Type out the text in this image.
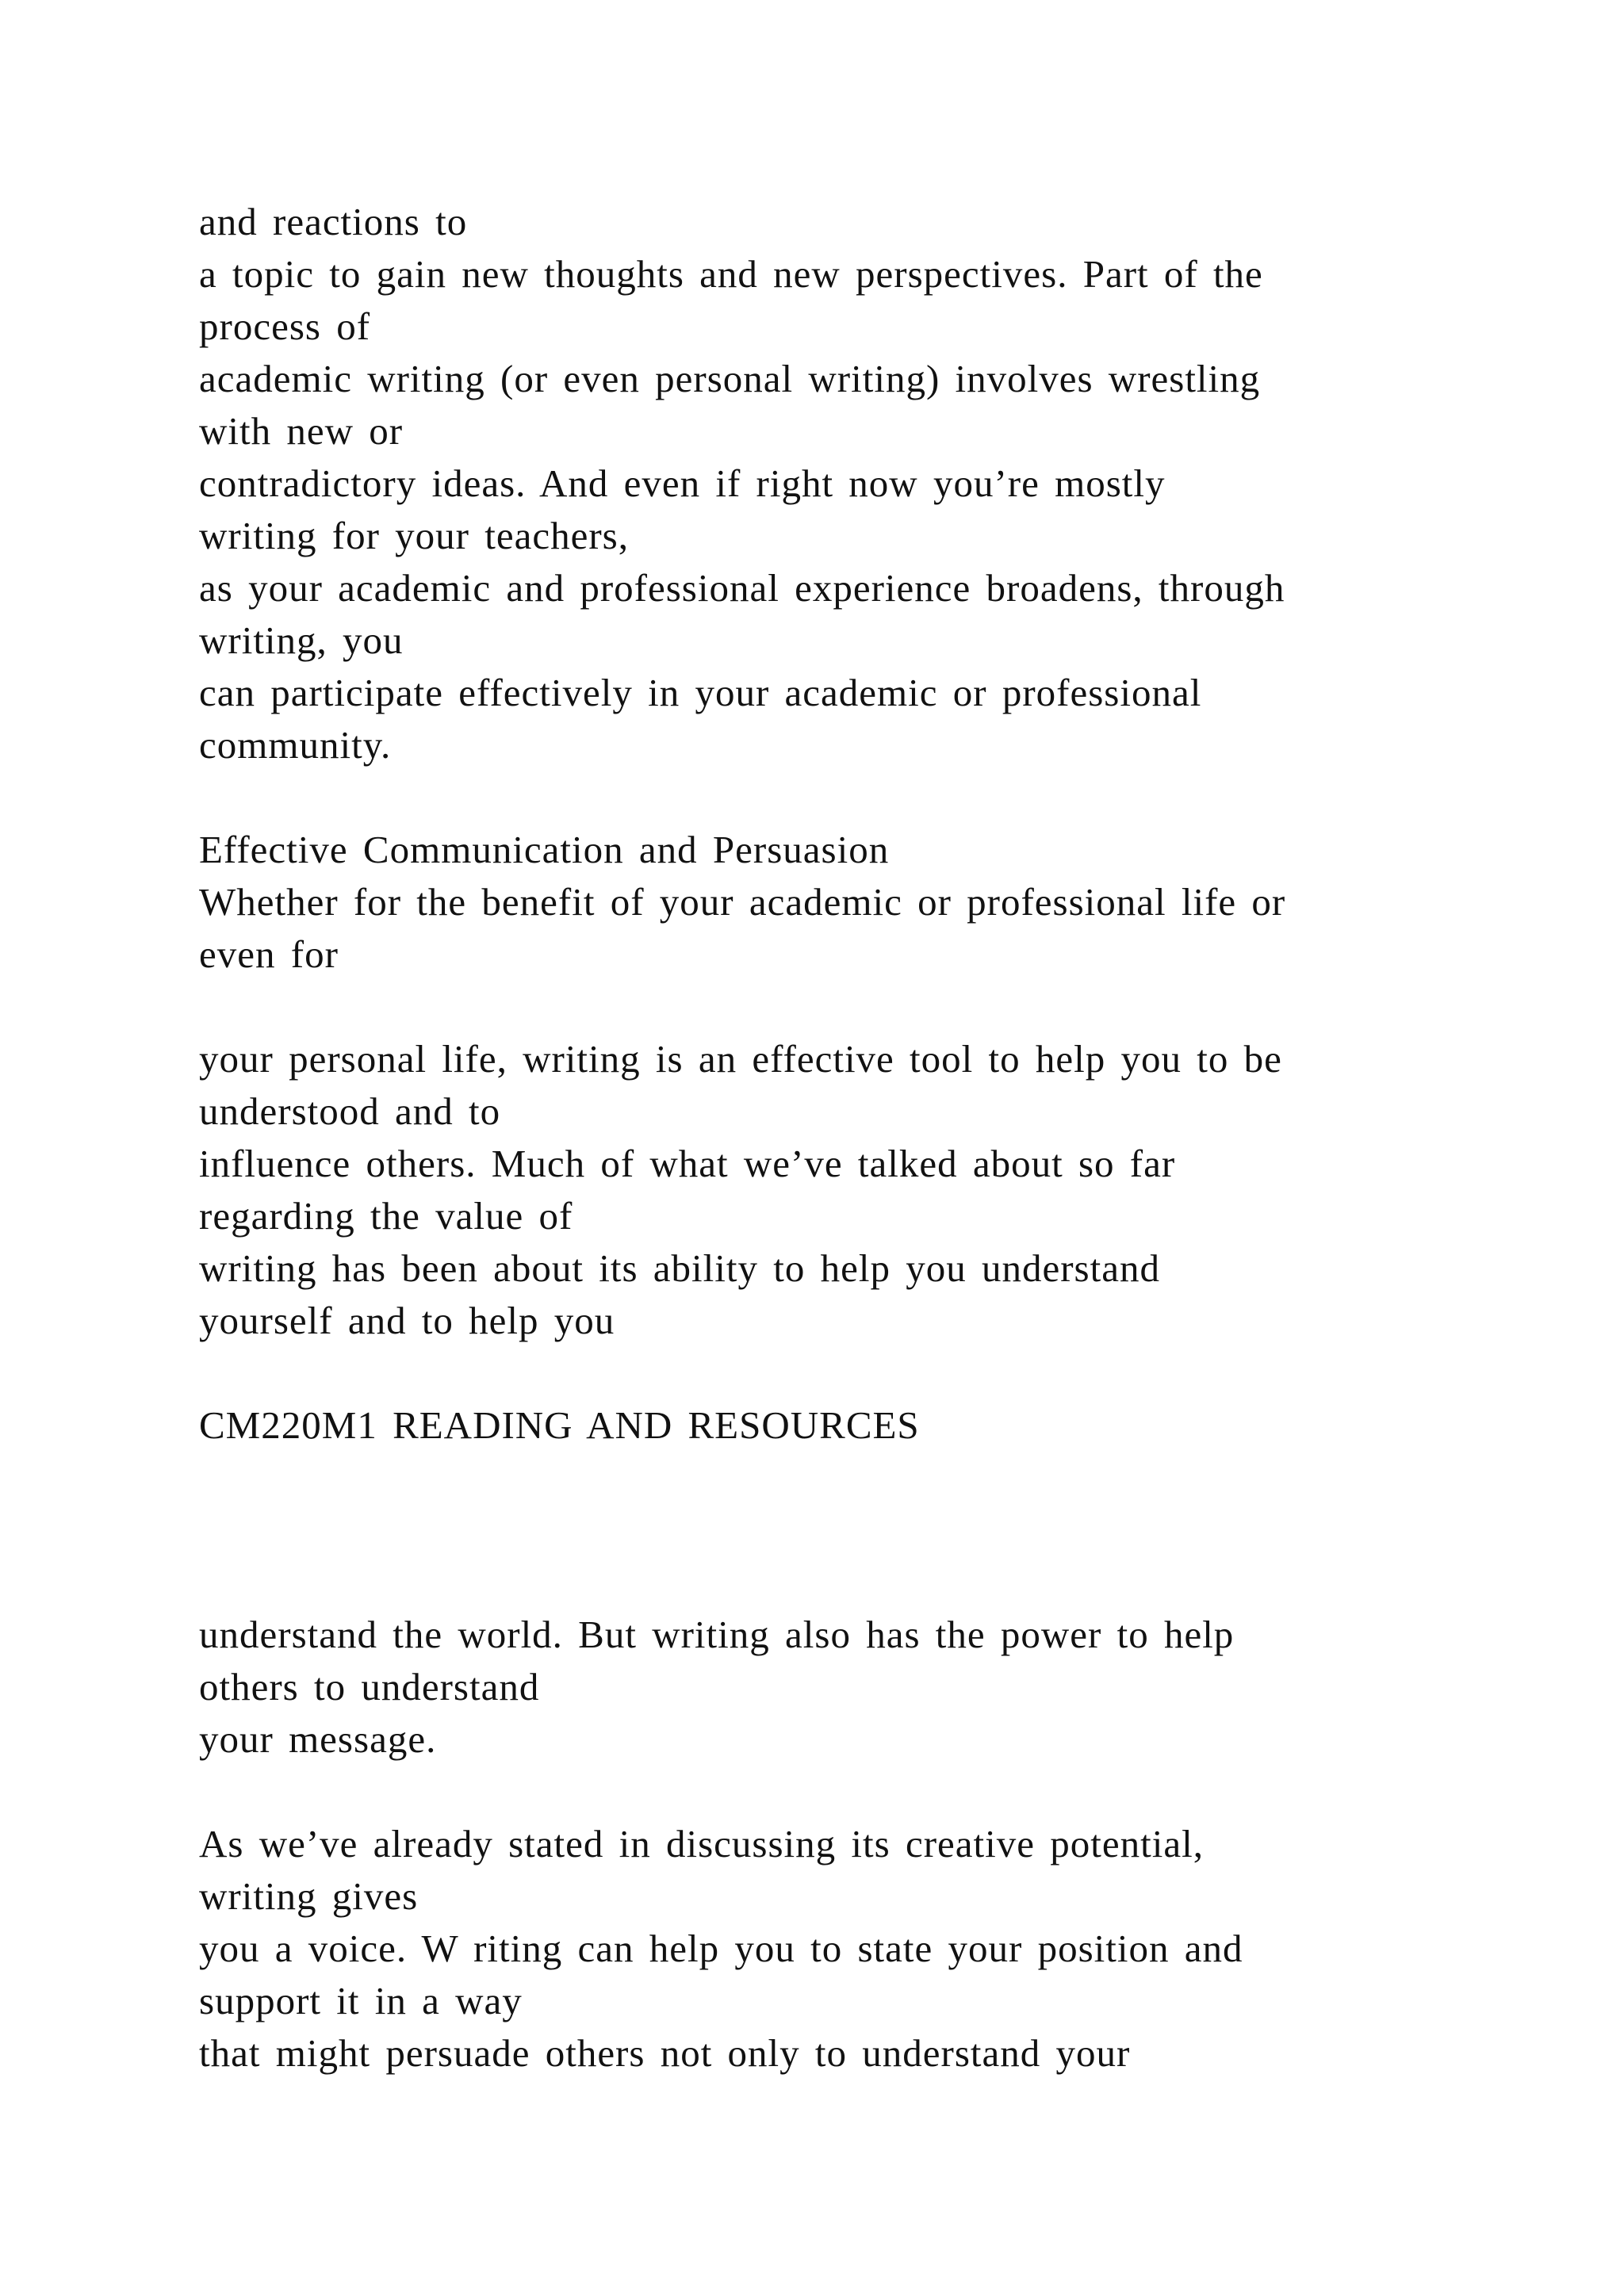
and reactions to
a topic to gain new thoughts and new perspectives. Part of the
process of
academic writing (or even personal writing) involves wrestling
with new or
contradictory ideas. And even if right now you’re mostly
writing for your teachers,
as your academic and professional experience broadens, through
writing, you
can participate effectively in your academic or professional
community.
Effective Communication and Persuasion
Whether for the benefit of your academic or professional life or
even for
your personal life, writing is an effective tool to help you to be
understood and to
influence others. Much of what we’ve talked about so far
regarding the value of
writing has been about its ability to help you understand
yourself and to help you
CM220M1 READING AND RESOURCES
understand the world. But writing also has the power to help
others to understand
your message.
As we’ve already stated in discussing its creative potential,
writing gives
you a voice. W riting can help you to state your position and
support it in a way
that might persuade others not only to understand your
